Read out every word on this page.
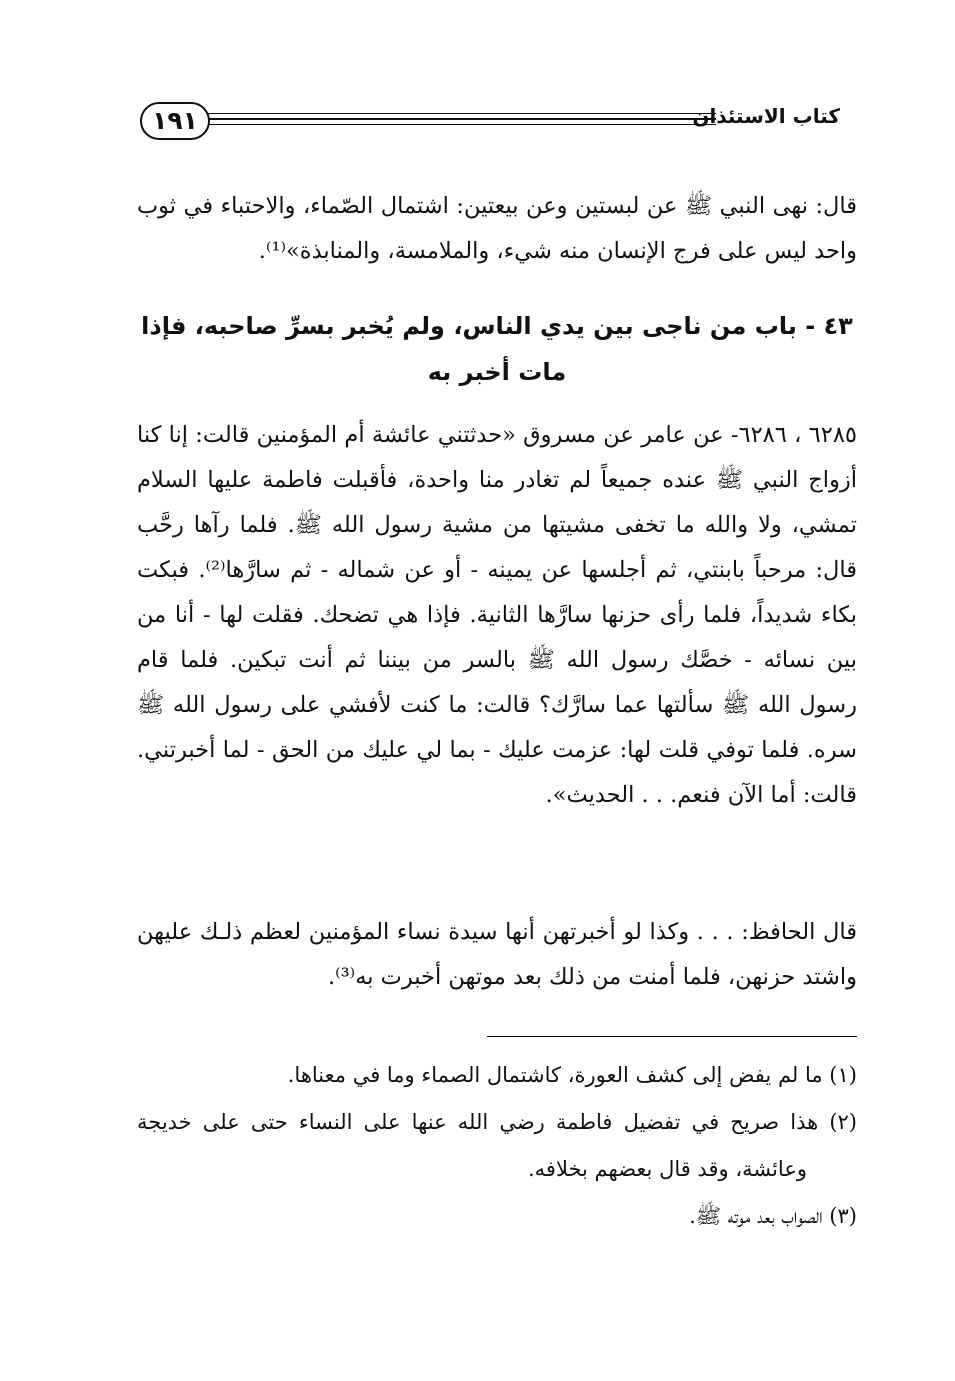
١٩١	كتاب الاستئذان

قال: نهى النبي ﷺ عن لبستين وعن بيعتين: اشتمال الصّماء، والاحتباء في ثوب واحد ليس على فرج الإنسان منه شيء، والملامسة، والمنابذة»⁽¹⁾.

٤٣ - باب من ناجى بين يدي الناس، ولم يُخبر بسرِّ صاحبه، فإذا مات أخبر به

٦٢٨٥ ، ٦٢٨٦- عن عامر عن مسروق «حدثتني عائشة أم المؤمنين قالت: إنا كنا أزواج النبي ﷺ عنده جميعاً لم تغادر منا واحدة، فأقبلت فاطمة عليها السلام تمشي، ولا والله ما تخفى مشيتها من مشية رسول الله ﷺ. فلما رآها رحَّب قال: مرحباً بابنتي، ثم أجلسها عن يمينه - أو عن شماله - ثم سارَّها⁽²⁾. فبكت بكاء شديداً، فلما رأى حزنها سارَّها الثانية. فإذا هي تضحك. فقلت لها - أنا من بين نسائه - خصَّك رسول الله ﷺ بالسر من بيننا ثم أنت تبكين. فلما قام رسول الله ﷺ سألتها عما سارَّك؟ قالت: ما كنت لأفشي على رسول الله ﷺ سره. فلما توفي قلت لها: عزمت عليك - بما لي عليك من الحق - لما أخبرتني. قالت: أما الآن فنعم. . . الحديث».

قال الحافظ: . . . وكذا لو أخبرتهن أنها سيدة نساء المؤمنين لعظم ذلـك عليهن واشتد حزنهن، فلما أمنت من ذلك بعد موتهن أخبرت به⁽³⁾.

(١) ما لم يفض إلى كشف العورة، كاشتمال الصماء وما في معناها.
(٢) هذا صريح في تفضيل فاطمة رضي الله عنها على النساء حتى على خديجة وعائشة، وقد قال بعضهم بخلافه.
(٣) الصواب بعد موته ﷺ.
